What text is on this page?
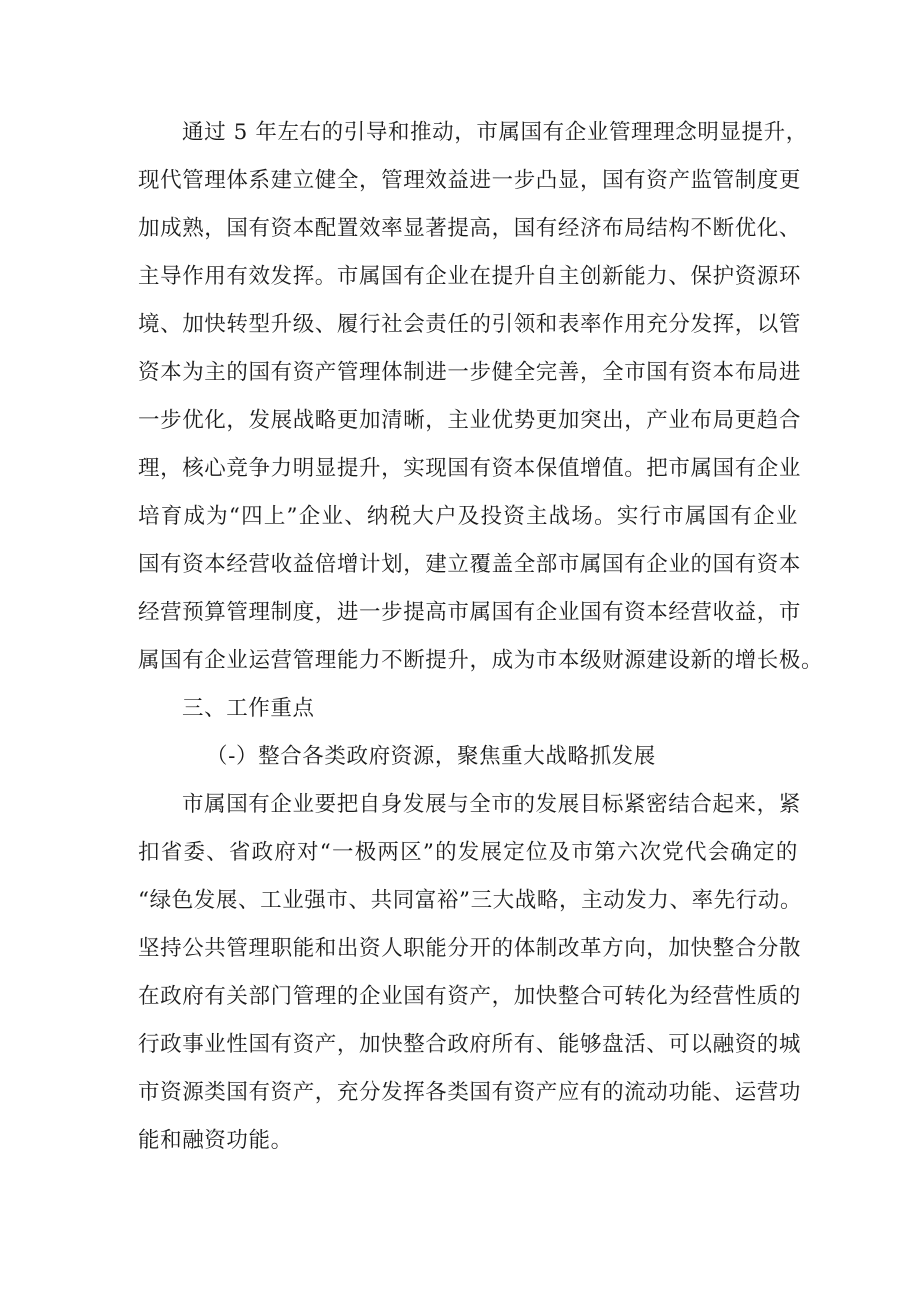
通过 5 年左右的引导和推动，市属国有企业管理理念明显提升，
现代管理体系建立健全，管理效益进一步凸显，国有资产监管制度更
加成熟，国有资本配置效率显著提高，国有经济布局结构不断优化、
主导作用有效发挥。市属国有企业在提升自主创新能力、保护资源环
境、加快转型升级、履行社会责任的引领和表率作用充分发挥，以管
资本为主的国有资产管理体制进一步健全完善，全市国有资本布局进
一步优化，发展战略更加清晰，主业优势更加突出，产业布局更趋合
理，核心竞争力明显提升，实现国有资本保值增值。把市属国有企业
培育成为“四上”企业、纳税大户及投资主战场。实行市属国有企业
国有资本经营收益倍增计划，建立覆盖全部市属国有企业的国有资本
经营预算管理制度，进一步提高市属国有企业国有资本经营收益，市
属国有企业运营管理能力不断提升，成为市本级财源建设新的增长极。
三、工作重点
（-）整合各类政府资源，聚焦重大战略抓发展
市属国有企业要把自身发展与全市的发展目标紧密结合起来，紧
扣省委、省政府对“一极两区”的发展定位及市第六次党代会确定的
“绿色发展、工业强市、共同富裕”三大战略，主动发力、率先行动。
坚持公共管理职能和出资人职能分开的体制改革方向，加快整合分散
在政府有关部门管理的企业国有资产，加快整合可转化为经营性质的
行政事业性国有资产，加快整合政府所有、能够盘活、可以融资的城
市资源类国有资产，充分发挥各类国有资产应有的流动功能、运营功
能和融资功能。
